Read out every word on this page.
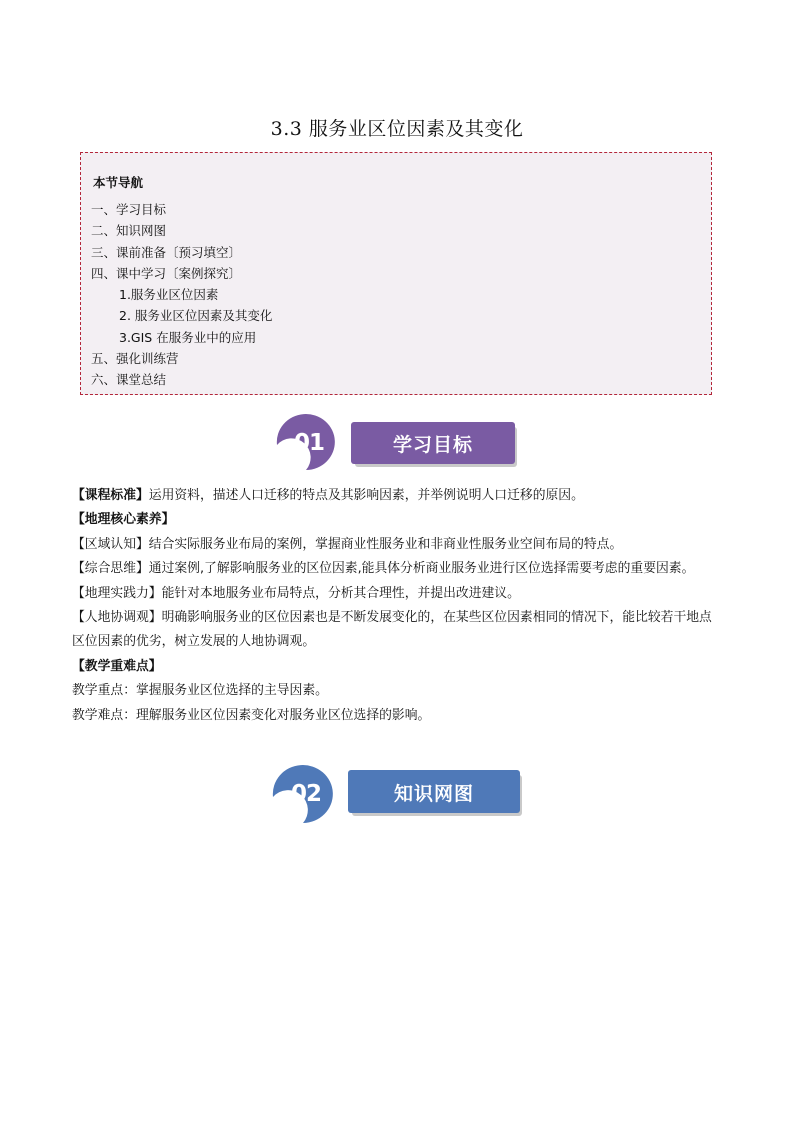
3.3 服务业区位因素及其变化
本节导航
一、学习目标
二、知识网图
三、课前准备〔预习填空〕
四、课中学习〔案例探究〕
1.服务业区位因素
2. 服务业区位因素及其变化
3.GIS 在服务业中的应用
五、强化训练营
六、课堂总结
01	学习目标

【课程标准】运用资料，描述人口迁移的特点及其影响因素，并举例说明人口迁移的原因。

【地理核心素养】

【区域认知】结合实际服务业布局的案例，掌握商业性服务业和非商业性服务业空间布局的特点。

【综合思维】通过案例,了解影响服务业的区位因素,能具体分析商业服务业进行区位选择需要考虑的重要因素。

【地理实践力】能针对本地服务业布局特点，分析其合理性，并提出改进建议。

【人地协调观】明确影响服务业的区位因素也是不断发展变化的，在某些区位因素相同的情况下，能比较若干地点区位因素的优劣，树立发展的人地协调观。

【教学重难点】

教学重点：掌握服务业区位选择的主导因素。

教学难点：理解服务业区位因素变化对服务业区位选择的影响。

02	知识网图
